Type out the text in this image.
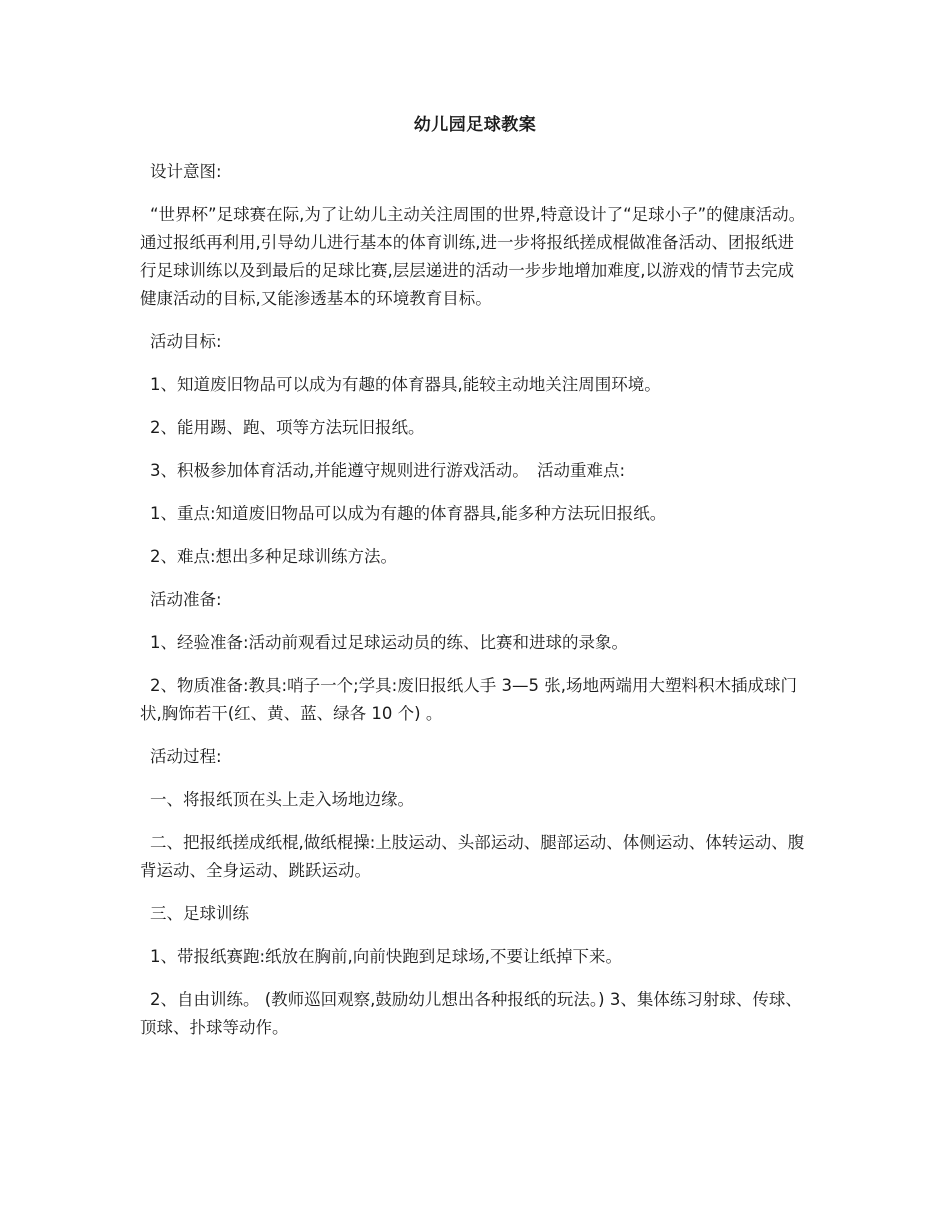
幼儿园足球教案

设计意图:

“世界杯”足球赛在际,为了让幼儿主动关注周围的世界,特意设计了“足球小子”的健康活动。通过报纸再利用,引导幼儿进行基本的体育训练,进一步将报纸搓成棍做准备活动、团报纸进行足球训练以及到最后的足球比赛,层层递进的活动一步步地增加难度,以游戏的情节去完成健康活动的目标,又能渗透基本的环境教育目标。

活动目标:

1、知道废旧物品可以成为有趣的体育器具,能较主动地关注周围环境。

2、能用踢、跑、项等方法玩旧报纸。

3、积极参加体育活动,并能遵守规则进行游戏活动。　活动重难点:

1、重点:知道废旧物品可以成为有趣的体育器具,能多种方法玩旧报纸。

2、难点:想出多种足球训练方法。

活动准备:

1、经验准备:活动前观看过足球运动员的练、比赛和进球的录象。

2、物质准备:教具:哨子一个;学具:废旧报纸人手 3—5 张,场地两端用大塑料积木插成球门状,胸饰若干(红、黄、蓝、绿各 10 个) 。

活动过程:

一、将报纸顶在头上走入场地边缘。

二、把报纸搓成纸棍,做纸棍操:上肢运动、头部运动、腿部运动、体侧运动、体转运动、腹背运动、全身运动、跳跃运动。

三、足球训练

1、带报纸赛跑:纸放在胸前,向前快跑到足球场,不要让纸掉下来。

2、自由训练。 (教师巡回观察,鼓励幼儿想出各种报纸的玩法。) 3、集体练习射球、传球、顶球、扑球等动作。
